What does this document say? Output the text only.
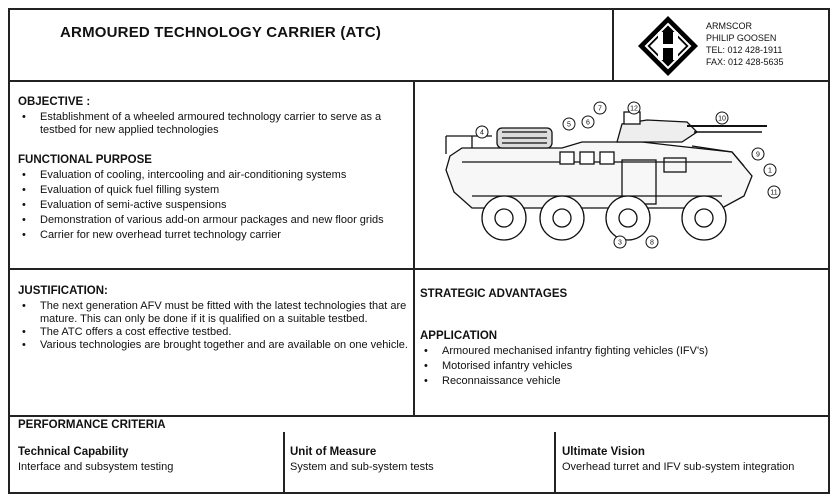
ARMOURED TECHNOLOGY CARRIER (ATC)	ARMSCOR
PHILIP GOOSEN
TEL: 012 428-1911
FAX: 012 428-5635
OBJECTIVE :
• Establishment of a wheeled armoured technology carrier to serve as a testbed for new applied technologies
FUNCTIONAL PURPOSE
• Evaluation of cooling, intercooling and air-conditioning systems
• Evaluation of quick fuel filling system
• Evaluation of semi-active suspensions
• Demonstration of various add-on armour packages and new floor grids
• Carrier for new overhead turret technology carrier
7	12
10
4
5 6
9
1
11
3	8
JUSTIFICATION:
• The next generation AFV must be fitted with the latest technologies that are mature. This can only be done if it is qualified on a suitable testbed.
• The ATC offers a cost effective testbed.
• Various technologies are brought together and are available on one vehicle.
STRATEGIC ADVANTAGES
APPLICATION
• Armoured mechanised infantry fighting vehicles (IFV's)
• Motorised infantry vehicles
• Reconnaissance vehicle
PERFORMANCE CRITERIA
Technical Capability
Interface and subsystem testing
Unit of Measure
System and sub-system tests
Ultimate Vision
Overhead turret and IFV sub-system integration
